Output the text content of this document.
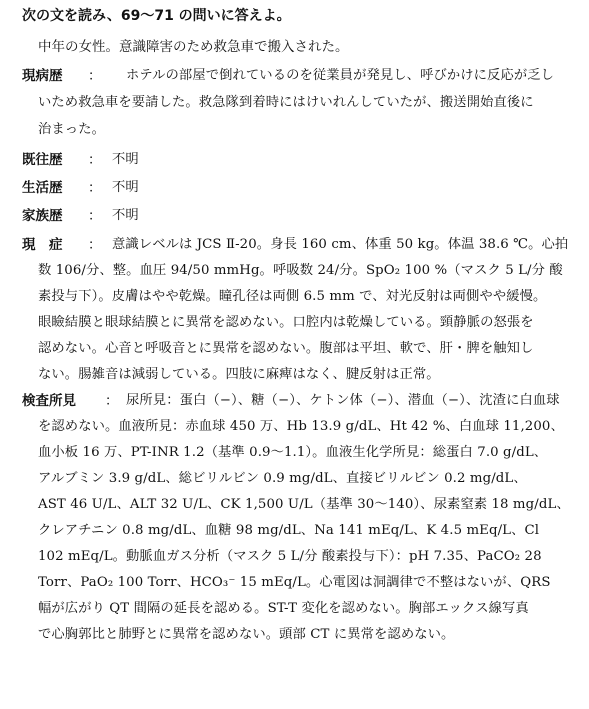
次の文を読み、69〜71 の問いに答えよ。
中年の女性。意識障害のため救急車で搬入された。
現病歴 ： ホテルの部屋で倒れているのを従業員が発見し、呼びかけに反応が乏し
いため救急車を要請した。救急隊到着時にはけいれんしていたが、搬送開始直後に
治まった。
既往歴 ： 不明
生活歴 ： 不明
家族歴 ： 不明
現　症 ： 意識レベルは JCS Ⅱ-20。身長 160 cm、体重 50 kg。体温 38.6 ℃。心拍
数 106/分、整。血圧 94/50 mmHg。呼吸数 24/分。SpO₂ 100 %（マスク 5 L/分 酸
素投与下）。皮膚はやや乾燥。瞳孔径は両側 6.5 mm で、対光反射は両側やや緩慢。
眼瞼結膜と眼球結膜とに異常を認めない。口腔内は乾燥している。頸静脈の怒張を
認めない。心音と呼吸音とに異常を認めない。腹部は平坦、軟で、肝・脾を触知し
ない。腸雑音は減弱している。四肢に麻痺はなく、腱反射は正常。
検査所見 ： 尿所見：蛋白（−）、糖（−）、ケトン体（−）、潜血（−）、沈渣に白血球
を認めない。血液所見：赤血球 450 万、Hb 13.9 g/dL、Ht 42 %、白血球 11,200、
血小板 16 万、PT-INR 1.2（基準 0.9〜1.1）。血液生化学所見：総蛋白 7.0 g/dL、
アルブミン 3.9 g/dL、総ビリルビン 0.9 mg/dL、直接ビリルビン 0.2 mg/dL、
AST 46 U/L、ALT 32 U/L、CK 1,500 U/L（基準 30〜140）、尿素窒素 18 mg/dL、
クレアチニン 0.8 mg/dL、血糖 98 mg/dL、Na 141 mEq/L、K 4.5 mEq/L、Cl
102 mEq/L。動脈血ガス分析（マスク 5 L/分 酸素投与下）：pH 7.35、PaCO₂ 28
Torr、PaO₂ 100 Torr、HCO₃⁻ 15 mEq/L。心電図は洞調律で不整はないが、QRS
幅が広がり QT 間隔の延長を認める。ST-T 変化を認めない。胸部エックス線写真
で心胸郭比と肺野とに異常を認めない。頭部 CT に異常を認めない。
